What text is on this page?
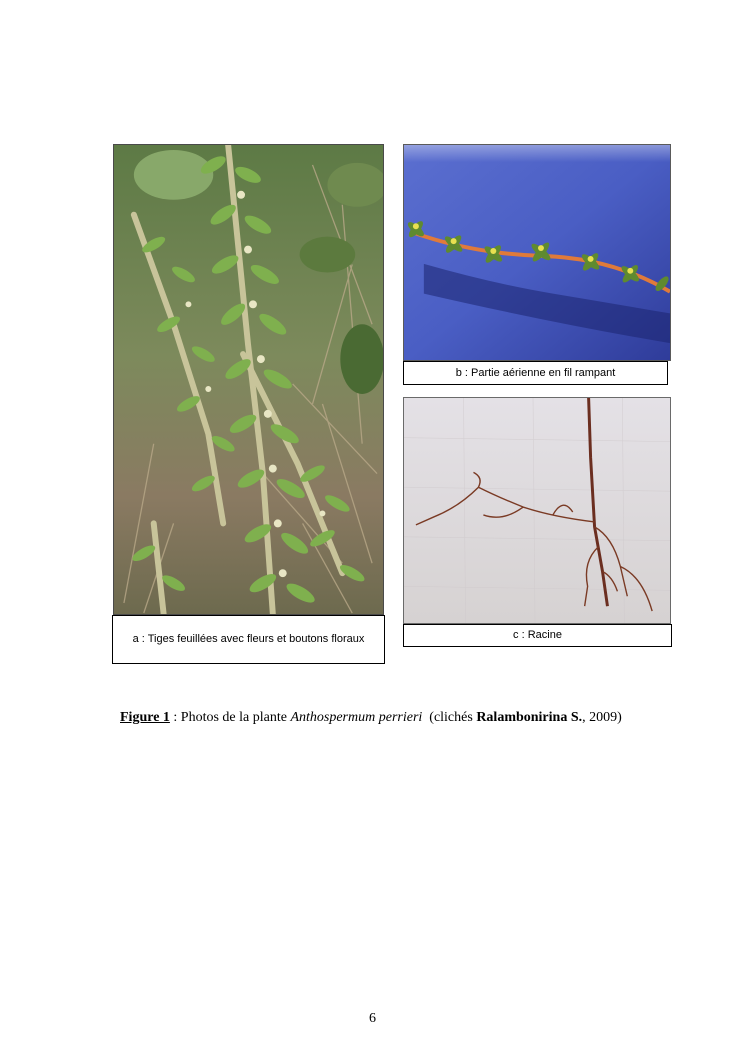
a : Tiges feuillées avec fleurs et boutons floraux
b : Partie aérienne en fil rampant
c : Racine
Figure 1 : Photos de la plante Anthospermum perrieri  (clichés Ralambonirina S., 2009)
6
